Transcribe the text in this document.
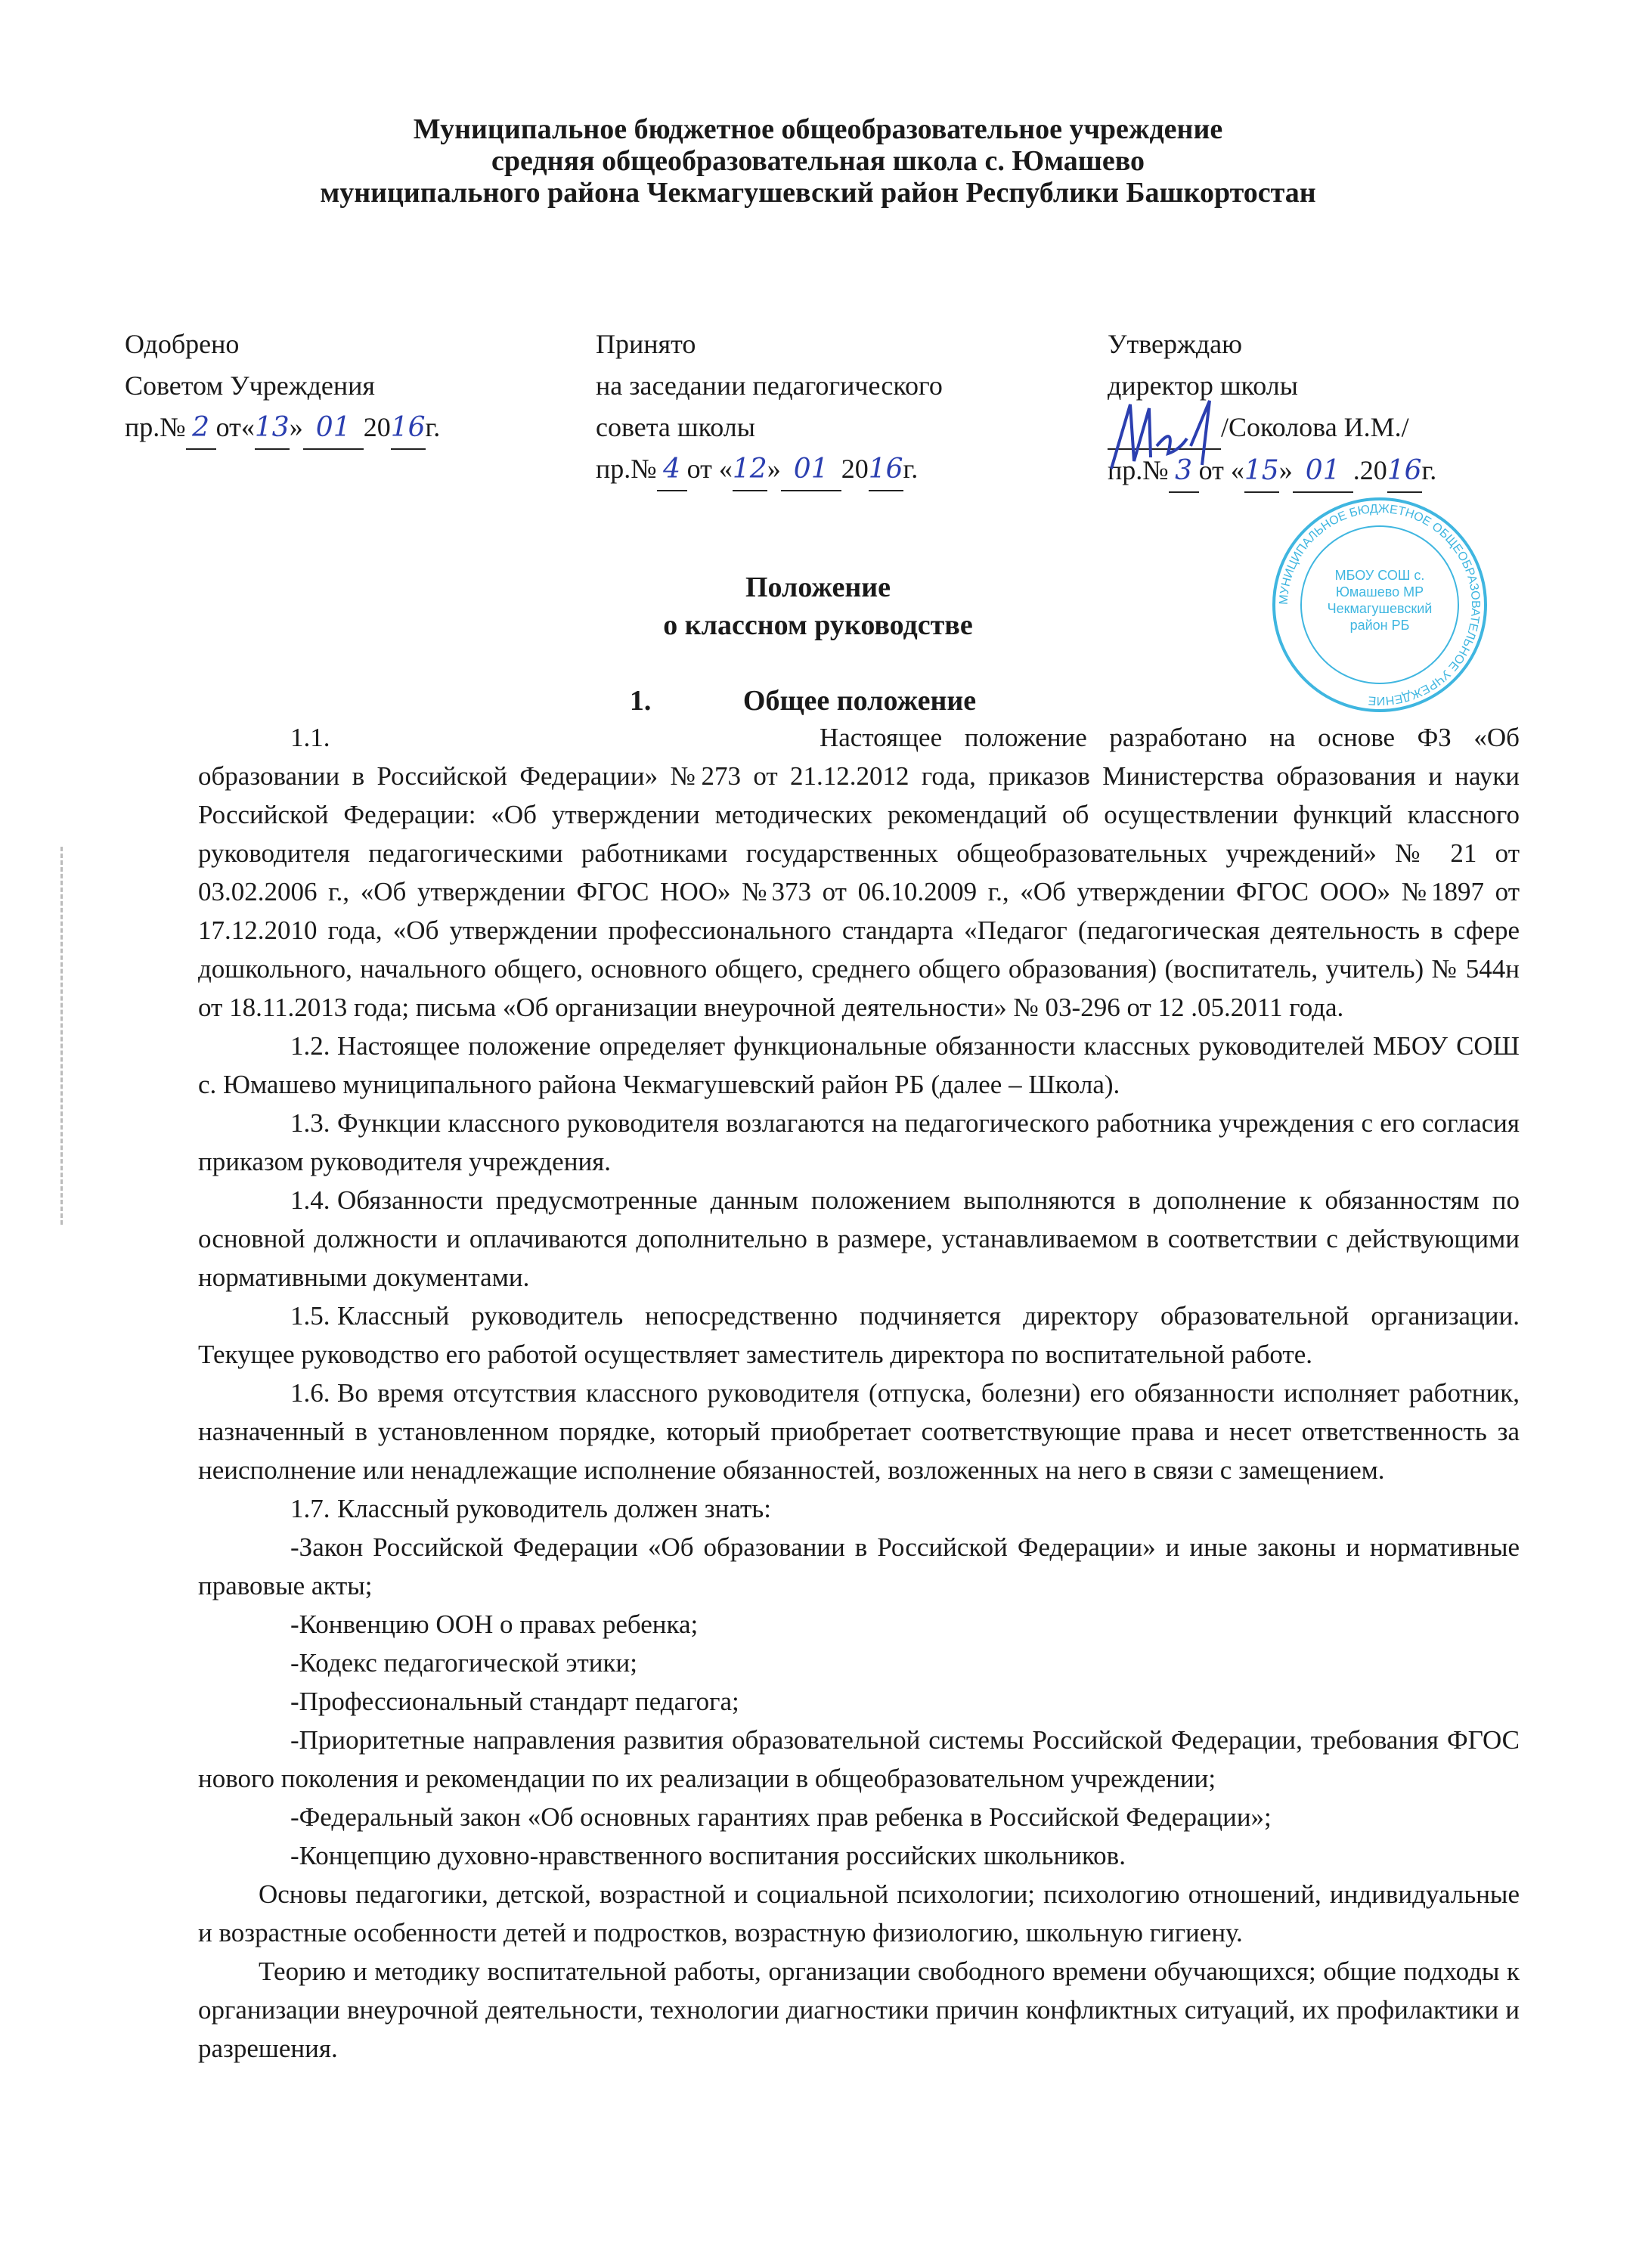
Муниципальное бюджетное общеобразовательное учреждение
средняя общеобразовательная школа с. Юмашево
муниципального района Чекмагушевский район Республики Башкортостан
МУНИЦИПАЛЬНОЕ БЮДЖЕТНОЕ ОБЩЕОБРАЗОВАТЕЛЬНОЕ УЧРЕЖДЕНИЕ
МБОУ СОШ с. Юмашево МР Чекмагушевский район РБ
Одобрено
Советом Учреждения
пр.№ 2 от«13» 01 2016г.
Принято
на заседании педагогического
совета школы
пр.№ 4 от «12» 01 2016г.
Утверждаю
директор школы
/Соколова И.М./
пр.№ 3 от «15» 01 .2016г.
Положение
о классном руководстве
1.	Общее положение

1.1.	Настоящее положение разработано на основе ФЗ «Об образовании в Российской Федерации» №273 от 21.12.2012 года, приказов Министерства образования и науки Российской Федерации: «Об утверждении методических рекомендаций об осуществлении функций классного руководителя педагогическими работниками государственных общеобразовательных учреждений» № 21 от 03.02.2006 г., «Об утверждении ФГОС НОО» №373 от 06.10.2009 г., «Об утверждении ФГОС ООО» №1897 от 17.12.2010 года, «Об утверждении профессионального стандарта «Педагог (педагогическая деятельность в сфере дошкольного, начального общего, основного общего, среднего общего образования) (воспитатель, учитель) № 544н от 18.11.2013 года; письма «Об организации внеурочной деятельности» № 03-296 от 12 .05.2011 года.

1.2. Настоящее положение определяет функциональные обязанности классных руководителей МБОУ СОШ с. Юмашево муниципального района Чекмагушевский район РБ (далее – Школа).

1.3. Функции классного руководителя возлагаются на педагогического работника учреждения с его согласия приказом руководителя учреждения.

1.4. Обязанности предусмотренные данным положением выполняются в дополнение к обязанностям по основной должности и оплачиваются дополнительно в размере, устанавливаемом в соответствии с действующими нормативными документами.

1.5. Классный руководитель непосредственно подчиняется директору образовательной организации. Текущее руководство его работой осуществляет заместитель директора по воспитательной работе.

1.6. Во время отсутствия классного руководителя (отпуска, болезни) его обязанности исполняет работник, назначенный в установленном порядке, который приобретает соответствующие права и несет ответственность за неисполнение или ненадлежащие исполнение обязанностей, возложенных на него в связи с замещением.

1.7. Классный руководитель должен знать:

-Закон Российской Федерации «Об образовании в Российской Федерации» и иные законы и нормативные правовые акты;

-Конвенцию ООН о правах ребенка;

-Кодекс педагогической этики;

-Профессиональный стандарт педагога;

-Приоритетные направления развития образовательной системы Российской Федерации, требования ФГОС нового поколения и рекомендации по их реализации в общеобразовательном учреждении;

-Федеральный закон «Об основных гарантиях прав ребенка в Российской Федерации»;

-Концепцию духовно-нравственного воспитания российских школьников.

Основы педагогики, детской, возрастной и социальной психологии; психологию отношений, индивидуальные и возрастные особенности детей и подростков, возрастную физиологию, школьную гигиену.

Теорию и методику воспитательной работы, организации свободного времени обучающихся; общие подходы к организации внеурочной деятельности, технологии диагностики причин конфликтных ситуаций, их профилактики и разрешения.
